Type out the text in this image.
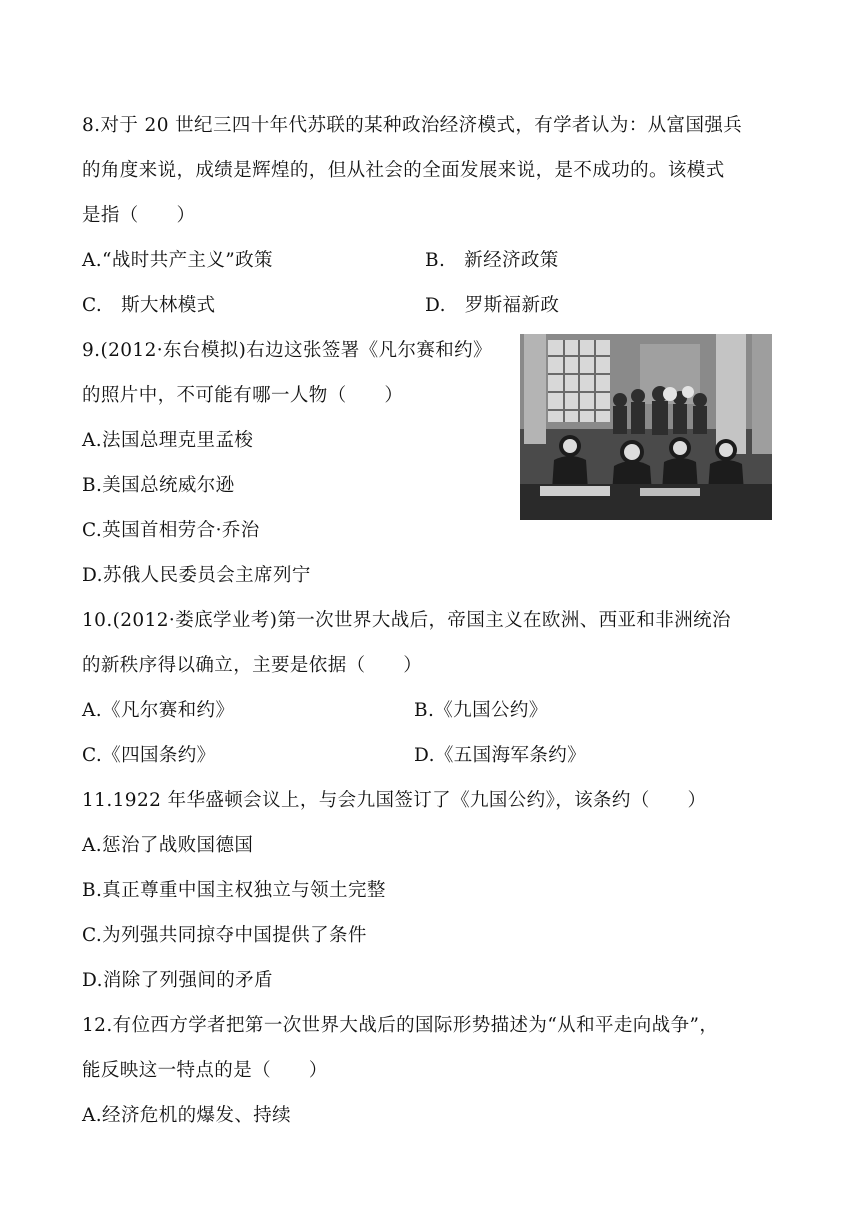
8.对于 20 世纪三四十年代苏联的某种政治经济模式，有学者认为：从富国强兵
的角度来说，成绩是辉煌的，但从社会的全面发展来说，是不成功的。该模式
是指（　　）
A.“战时共产主义”政策	B.　新经济政策
C.　斯大林模式	D.　罗斯福新政
9.(2012·东台模拟)右边这张签署《凡尔赛和约》
的照片中，不可能有哪一人物（　　）
A.法国总理克里孟梭
B.美国总统威尔逊
C.英国首相劳合·乔治
D.苏俄人民委员会主席列宁
10.(2012·娄底学业考)第一次世界大战后，帝国主义在欧洲、西亚和非洲统治
的新秩序得以确立，主要是依据（　　）
A.《凡尔赛和约》	B.《九国公约》
C.《四国条约》	D.《五国海军条约》
11.1922 年华盛顿会议上，与会九国签订了《九国公约》，该条约（　　）
A.惩治了战败国德国
B.真正尊重中国主权独立与领土完整
C.为列强共同掠夺中国提供了条件
D.消除了列强间的矛盾
12.有位西方学者把第一次世界大战后的国际形势描述为“从和平走向战争”，
能反映这一特点的是（　　）
A.经济危机的爆发、持续
